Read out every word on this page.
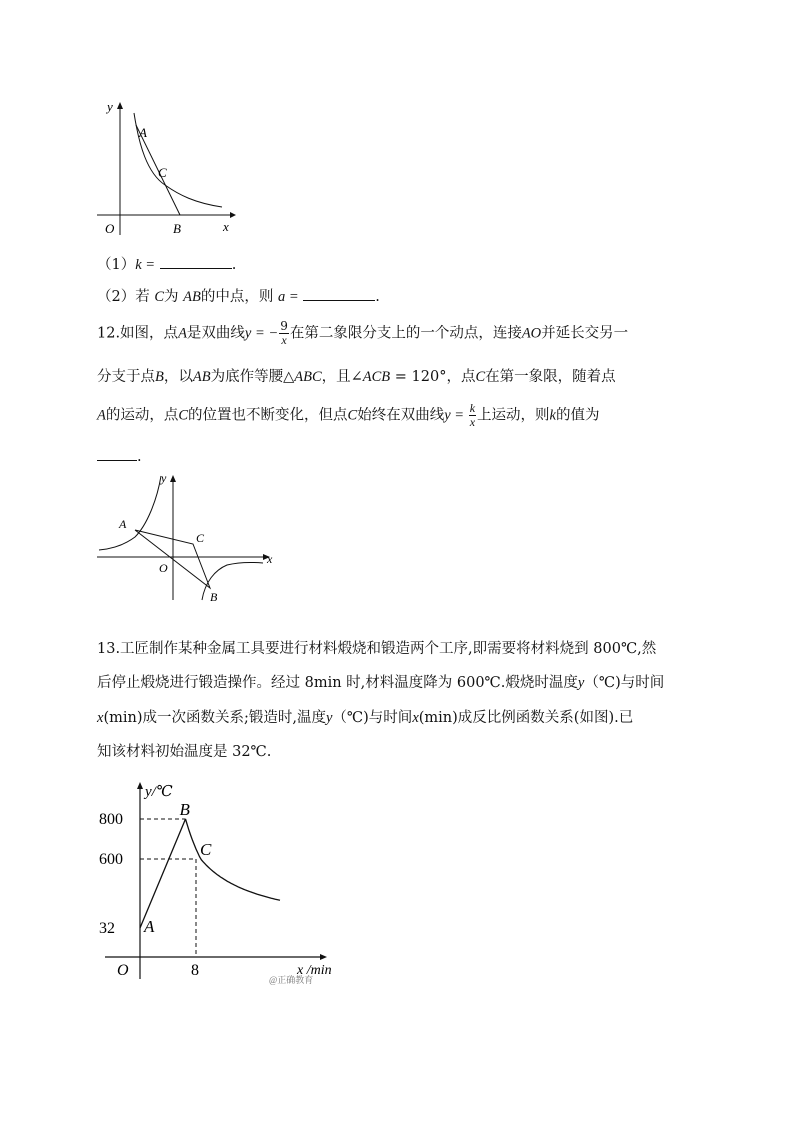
y
A
C
O	B	x
（1）k =	.
（2）若 C为 AB的中点，则 a =	.
12.如图，点A是双曲线y = − $\frac{9}{x}$ 在第二象限分支上的一个动点，连接AO并延长交另一
分支于点B，以AB为底作等腰△ABC，且∠ACB = 120°，点C在第一象限，随着点
A的运动，点C的位置也不断变化，但点C始终在双曲线$y = \frac{k}{x}$ 上运动，则k的值为
.
y
A
C
O
B
x
13.工匠制作某种金属工具要进行材料煅烧和锻造两个工序,即需要将材料烧到 800℃,然
后停止煅烧进行锻造操作。经过 8min 时,材料温度降为 600℃.煅烧时温度y（℃)与时间
x(min)成一次函数关系;锻造时,温度y（℃)与时间x(min)成反比例函数关系(如图).已
知该材料初始温度是 32℃.
y/℃
x /min
O
@正确教育
32
600
800
8
A
B
C
